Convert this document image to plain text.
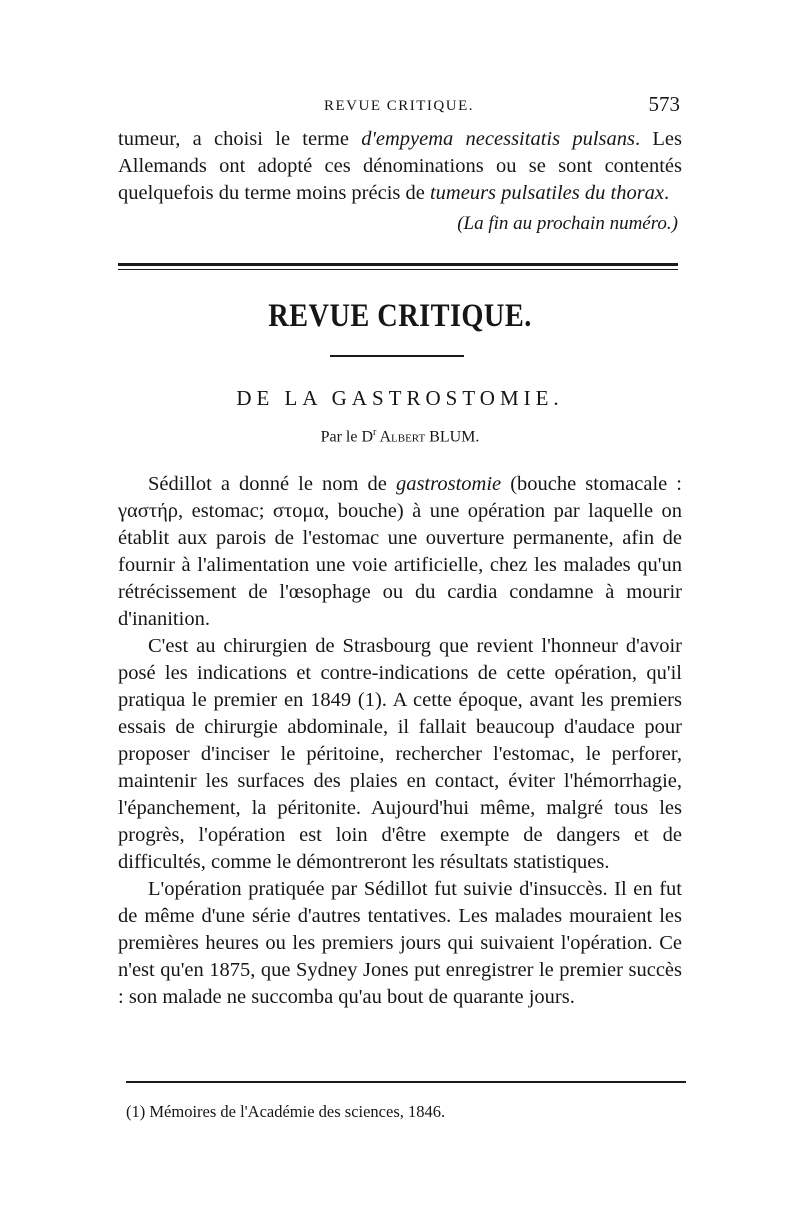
REVUE CRITIQUE.	573

tumeur, a choisi le terme d'empyema necessitatis pulsans. Les Allemands ont adopté ces dénominations ou se sont contentés quelquefois du terme moins précis de tumeurs pulsatiles du thorax.

(La fin au prochain numéro.)
REVUE CRITIQUE.
DE LA GASTROSTOMIE.
Par le $D^r$ Albert BLUM.

Sédillot a donné le nom de gastrostomie (bouche stomacale : γαστήρ, estomac; στομα, bouche) à une opération par laquelle on établit aux parois de l'estomac une ouverture permanente, afin de fournir à l'alimentation une voie artificielle, chez les malades qu'un rétrécissement de l'œsophage ou du cardia condamne à mourir d'inanition.

C'est au chirurgien de Strasbourg que revient l'honneur d'avoir posé les indications et contre-indications de cette opération, qu'il pratiqua le premier en 1849 (1). A cette époque, avant les premiers essais de chirurgie abdominale, il fallait beaucoup d'audace pour proposer d'inciser le péritoine, rechercher l'estomac, le perforer, maintenir les surfaces des plaies en contact, éviter l'hémorrhagie, l'épanchement, la péritonite. Aujourd'hui même, malgré tous les progrès, l'opération est loin d'être exempte de dangers et de difficultés, comme le démontreront les résultats statistiques.

L'opération pratiquée par Sédillot fut suivie d'insuccès. Il en fut de même d'une série d'autres tentatives. Les malades mouraient les premières heures ou les premiers jours qui suivaient l'opération. Ce n'est qu'en 1875, que Sydney Jones put enregistrer le premier succès : son malade ne succomba qu'au bout de quarante jours.

(1) Mémoires de l'Académie des sciences, 1846.
